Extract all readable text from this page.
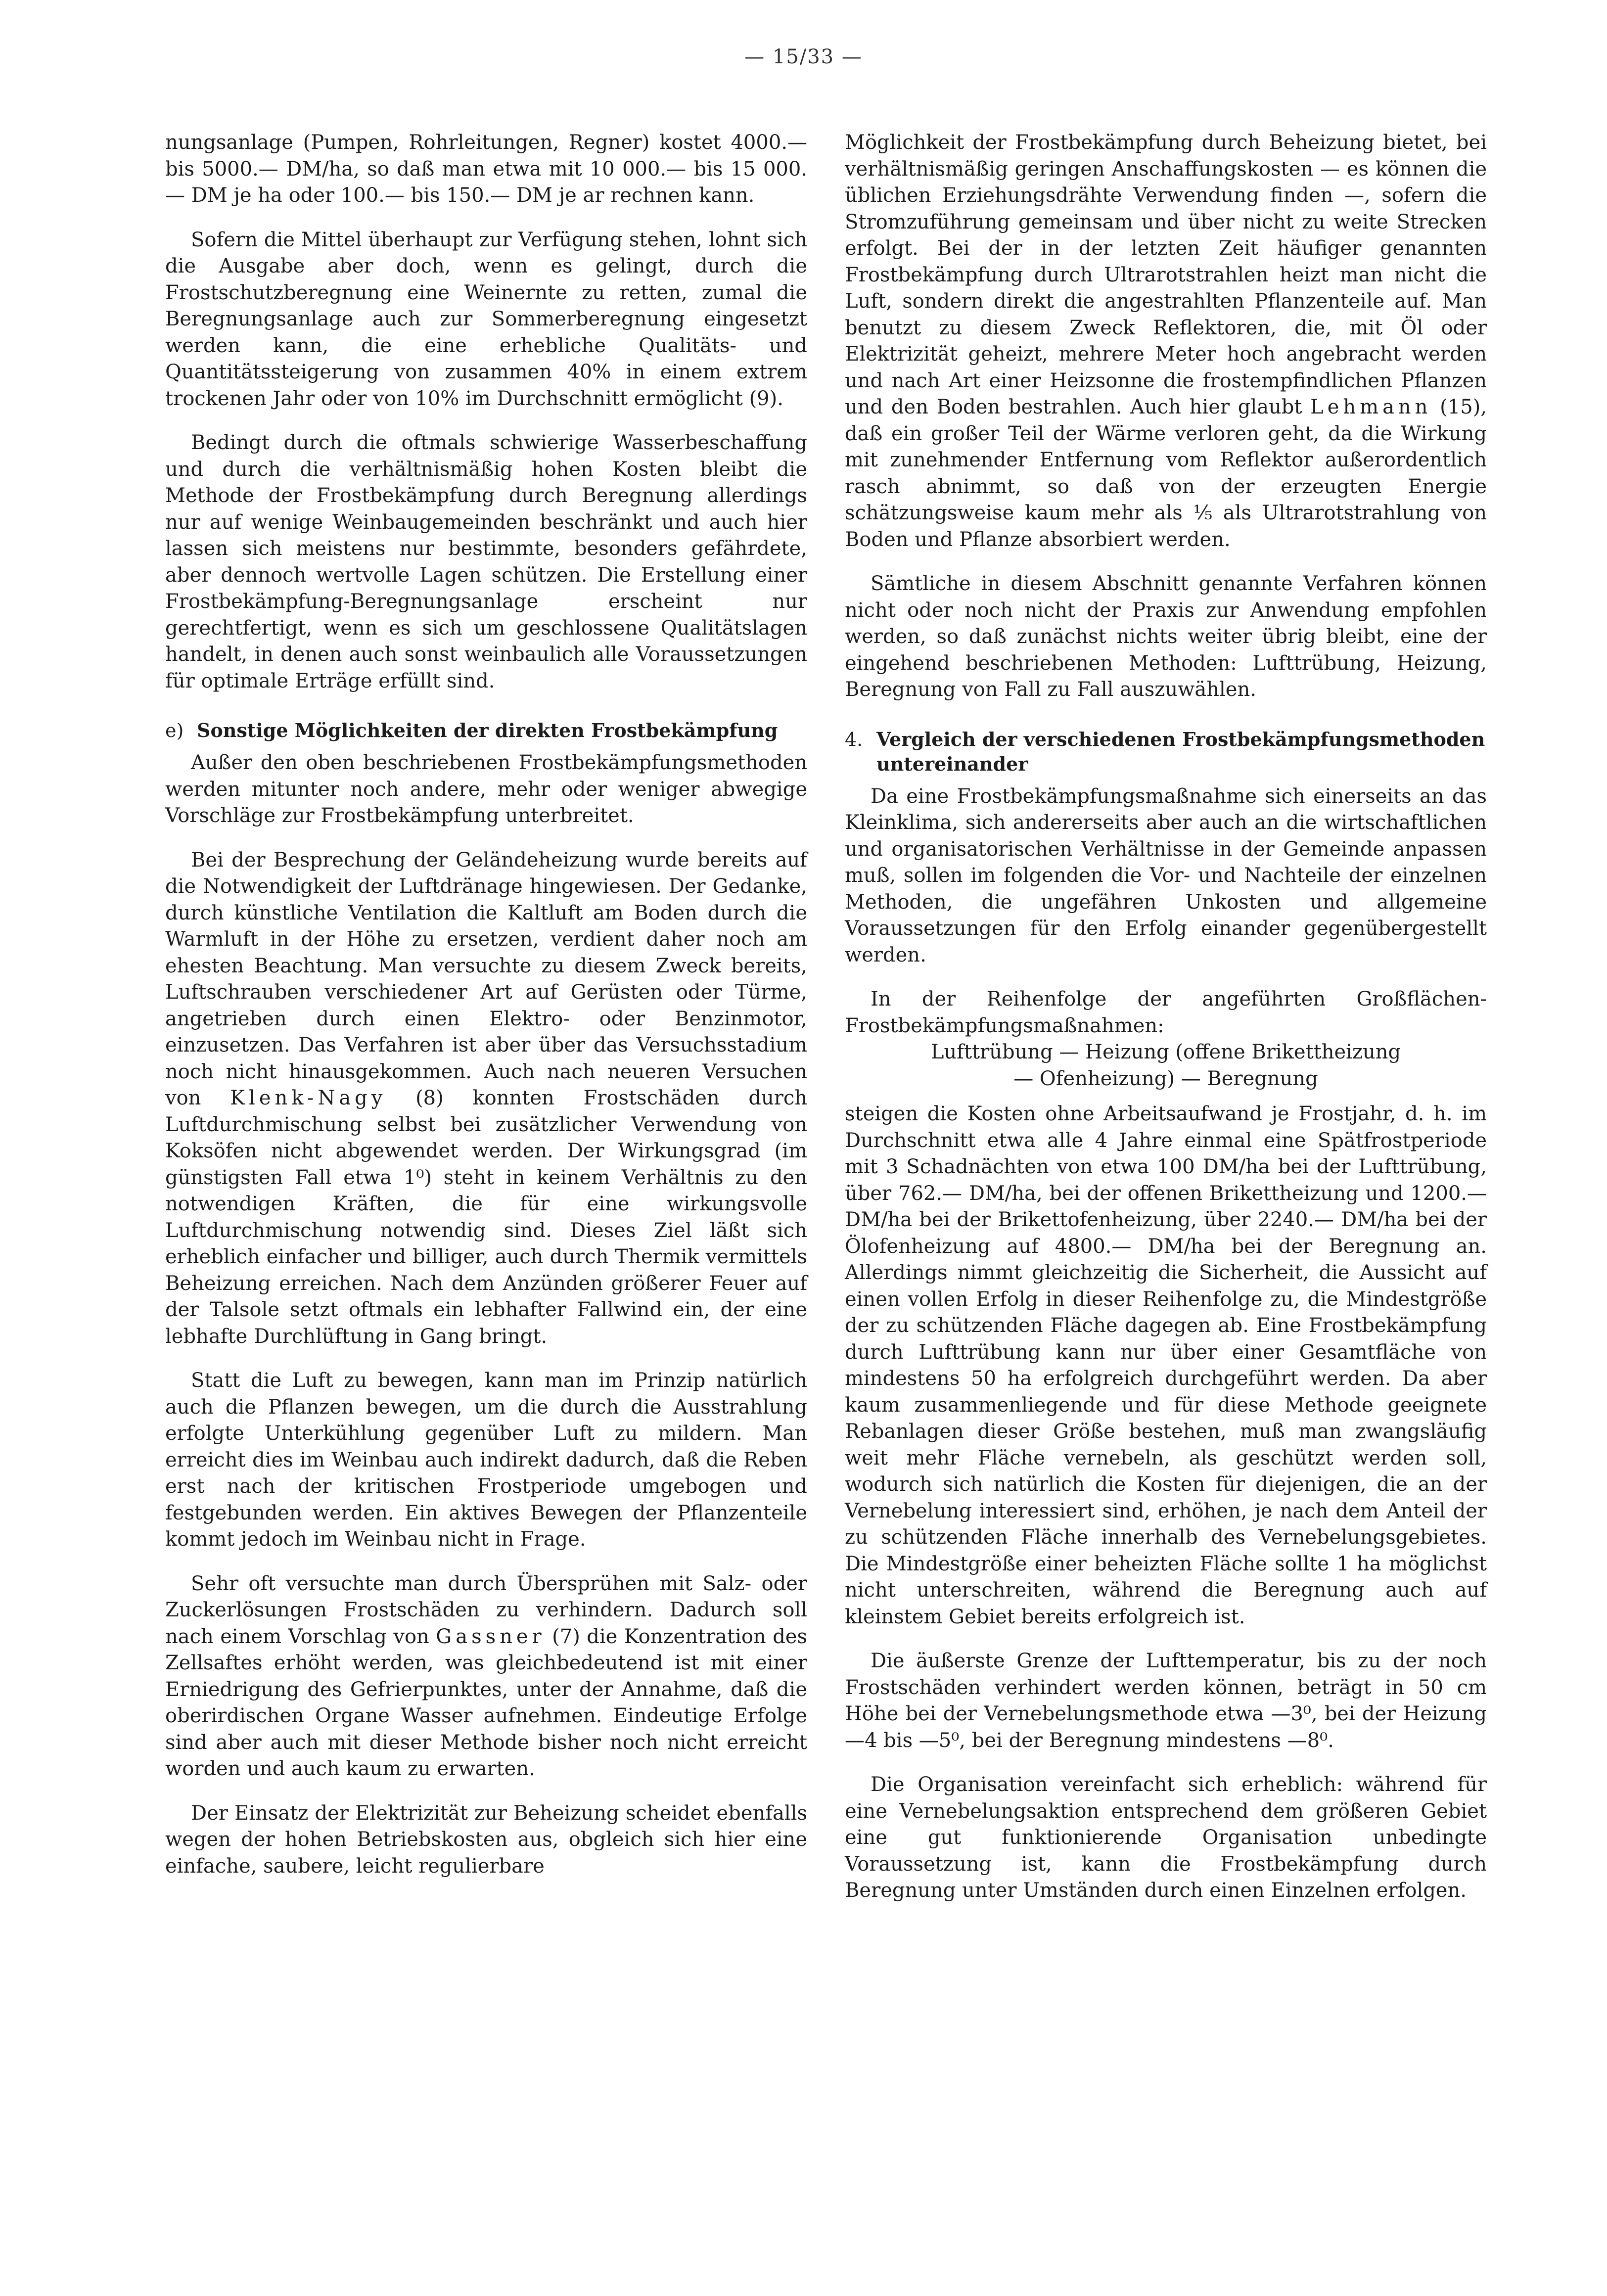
— 15/33 —

nungsanlage (Pumpen, Rohrleitungen, Regner) kostet 4000.— bis 5000.— DM/ha, so daß man etwa mit 10 000.— bis 15 000.— DM je ha oder 100.— bis 150.— DM je ar rechnen kann.

Sofern die Mittel überhaupt zur Verfügung stehen, lohnt sich die Ausgabe aber doch, wenn es gelingt, durch die Frostschutzberegnung eine Weinernte zu retten, zumal die Beregnungsanlage auch zur Sommerberegnung eingesetzt werden kann, die eine erhebliche Qualitäts- und Quantitätssteigerung von zusammen 40% in einem extrem trockenen Jahr oder von 10% im Durchschnitt ermöglicht (9).

Bedingt durch die oftmals schwierige Wasserbeschaffung und durch die verhältnismäßig hohen Kosten bleibt die Methode der Frostbekämpfung durch Beregnung allerdings nur auf wenige Weinbaugemeinden beschränkt und auch hier lassen sich meistens nur bestimmte, besonders gefährdete, aber dennoch wertvolle Lagen schützen. Die Erstellung einer Frostbekämpfung-Beregnungsanlage erscheint nur gerechtfertigt, wenn es sich um geschlossene Qualitätslagen handelt, in denen auch sonst weinbaulich alle Voraussetzungen für optimale Erträge erfüllt sind.

e) Sonstige Möglichkeiten der direkten Frostbekämpfung

Außer den oben beschriebenen Frostbekämpfungsmethoden werden mitunter noch andere, mehr oder weniger abwegige Vorschläge zur Frostbekämpfung unterbreitet.

Bei der Besprechung der Geländeheizung wurde bereits auf die Notwendigkeit der Luftdränage hingewiesen. Der Gedanke, durch künstliche Ventilation die Kaltluft am Boden durch die Warmluft in der Höhe zu ersetzen, verdient daher noch am ehesten Beachtung. Man versuchte zu diesem Zweck bereits, Luftschrauben verschiedener Art auf Gerüsten oder Türme, angetrieben durch einen Elektro- oder Benzinmotor, einzusetzen. Das Verfahren ist aber über das Versuchsstadium noch nicht hinausgekommen. Auch nach neueren Versuchen von Klenk-Nagy (8) konnten Frostschäden durch Luftdurchmischung selbst bei zusätzlicher Verwendung von Koksöfen nicht abgewendet werden. Der Wirkungsgrad (im günstigsten Fall etwa 1⁰) steht in keinem Verhältnis zu den notwendigen Kräften, die für eine wirkungsvolle Luftdurchmischung notwendig sind. Dieses Ziel läßt sich erheblich einfacher und billiger, auch durch Thermik vermittels Beheizung erreichen. Nach dem Anzünden größerer Feuer auf der Talsole setzt oftmals ein lebhafter Fallwind ein, der eine lebhafte Durchlüftung in Gang bringt.

Statt die Luft zu bewegen, kann man im Prinzip natürlich auch die Pflanzen bewegen, um die durch die Ausstrahlung erfolgte Unterkühlung gegenüber Luft zu mildern. Man erreicht dies im Weinbau auch indirekt dadurch, daß die Reben erst nach der kritischen Frostperiode umgebogen und festgebunden werden. Ein aktives Bewegen der Pflanzenteile kommt jedoch im Weinbau nicht in Frage.

Sehr oft versuchte man durch Übersprühen mit Salz- oder Zuckerlösungen Frostschäden zu verhindern. Dadurch soll nach einem Vorschlag von Gassner (7) die Konzentration des Zellsaftes erhöht werden, was gleichbedeutend ist mit einer Erniedrigung des Gefrierpunktes, unter der Annahme, daß die oberirdischen Organe Wasser aufnehmen. Eindeutige Erfolge sind aber auch mit dieser Methode bisher noch nicht erreicht worden und auch kaum zu erwarten.

Der Einsatz der Elektrizität zur Beheizung scheidet ebenfalls wegen der hohen Betriebskosten aus, obgleich sich hier eine einfache, saubere, leicht regulierbare

Möglichkeit der Frostbekämpfung durch Beheizung bietet, bei verhältnismäßig geringen Anschaffungskosten — es können die üblichen Erziehungsdrähte Verwendung finden —, sofern die Stromzuführung gemeinsam und über nicht zu weite Strecken erfolgt. Bei der in der letzten Zeit häufiger genannten Frostbekämpfung durch Ultrarotstrahlen heizt man nicht die Luft, sondern direkt die angestrahlten Pflanzenteile auf. Man benutzt zu diesem Zweck Reflektoren, die, mit Öl oder Elektrizität geheizt, mehrere Meter hoch angebracht werden und nach Art einer Heizsonne die frostempfindlichen Pflanzen und den Boden bestrahlen. Auch hier glaubt Lehmann (15), daß ein großer Teil der Wärme verloren geht, da die Wirkung mit zunehmender Entfernung vom Reflektor außerordentlich rasch abnimmt, so daß von der erzeugten Energie schätzungsweise kaum mehr als ⅕ als Ultrarotstrahlung von Boden und Pflanze absorbiert werden.

Sämtliche in diesem Abschnitt genannte Verfahren können nicht oder noch nicht der Praxis zur Anwendung empfohlen werden, so daß zunächst nichts weiter übrig bleibt, eine der eingehend beschriebenen Methoden: Lufttrübung, Heizung, Beregnung von Fall zu Fall auszuwählen.

4. Vergleich der verschiedenen Frostbekämpfungsmethoden untereinander

Da eine Frostbekämpfungsmaßnahme sich einerseits an das Kleinklima, sich andererseits aber auch an die wirtschaftlichen und organisatorischen Verhältnisse in der Gemeinde anpassen muß, sollen im folgenden die Vor- und Nachteile der einzelnen Methoden, die ungefähren Unkosten und allgemeine Voraussetzungen für den Erfolg einander gegenübergestellt werden.

In der Reihenfolge der angeführten Großflächen-Frostbekämpfungsmaßnahmen:

Lufttrübung — Heizung (offene Brikettheizung

— Ofenheizung) — Beregnung

steigen die Kosten ohne Arbeitsaufwand je Frostjahr, d. h. im Durchschnitt etwa alle 4 Jahre einmal eine Spätfrostperiode mit 3 Schadnächten von etwa 100 DM/ha bei der Lufttrübung, über 762.— DM/ha, bei der offenen Brikettheizung und 1200.— DM/ha bei der Brikettofenheizung, über 2240.— DM/ha bei der Ölofenheizung auf 4800.— DM/ha bei der Beregnung an. Allerdings nimmt gleichzeitig die Sicherheit, die Aussicht auf einen vollen Erfolg in dieser Reihenfolge zu, die Mindestgröße der zu schützenden Fläche dagegen ab. Eine Frostbekämpfung durch Lufttrübung kann nur über einer Gesamtfläche von mindestens 50 ha erfolgreich durchgeführt werden. Da aber kaum zusammenliegende und für diese Methode geeignete Rebanlagen dieser Größe bestehen, muß man zwangsläufig weit mehr Fläche vernebeln, als geschützt werden soll, wodurch sich natürlich die Kosten für diejenigen, die an der Vernebelung interessiert sind, erhöhen, je nach dem Anteil der zu schützenden Fläche innerhalb des Vernebelungsgebietes. Die Mindestgröße einer beheizten Fläche sollte 1 ha möglichst nicht unterschreiten, während die Beregnung auch auf kleinstem Gebiet bereits erfolgreich ist.

Die äußerste Grenze der Lufttemperatur, bis zu der noch Frostschäden verhindert werden können, beträgt in 50 cm Höhe bei der Vernebelungsmethode etwa —3⁰, bei der Heizung —4 bis —5⁰, bei der Beregnung mindestens —8⁰.

Die Organisation vereinfacht sich erheblich: während für eine Vernebelungsaktion entsprechend dem größeren Gebiet eine gut funktionierende Organisation unbedingte Voraussetzung ist, kann die Frostbekämpfung durch Beregnung unter Umständen durch einen Einzelnen erfolgen.
